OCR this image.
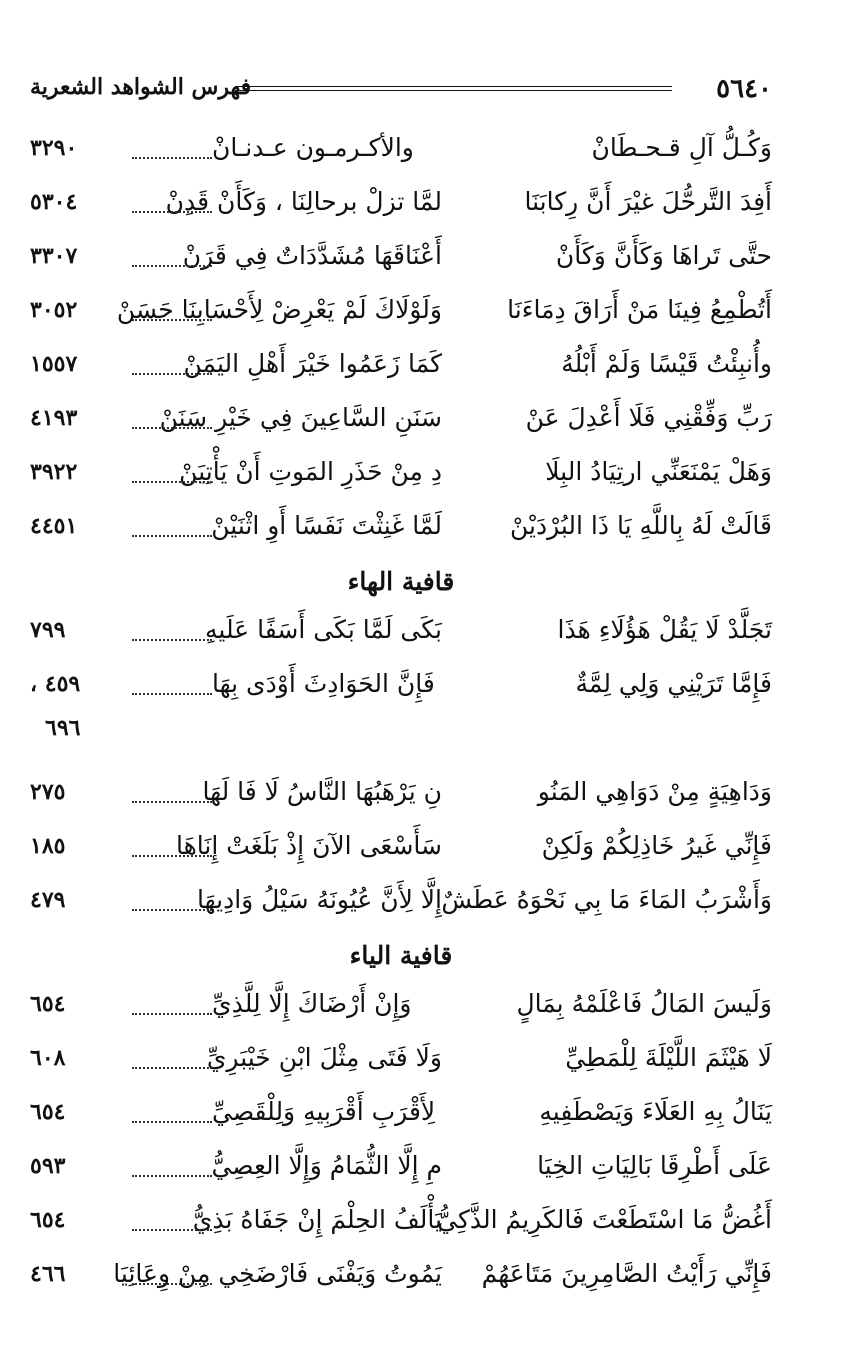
٥٦٤٠
فهرس الشواهد الشعرية
وَكُـلُّ آلِ قـحـطَانْ
والأكـرمـون عـدنـانْ
٣٢٩٠
أَفِدَ التَّرحُّلَ غيْرَ أَنَّ رِكابَنَا
لمَّا تزلْ برحالِنَا ، وَكَأَنْ قَدِنْ
٥٣٠٤
حتَّى تَراهَا وَكَأَنَّ وَكَأَنْ
أَعْنَاقَهَا مُشَدَّدَاتٌ فِي قَرَنْ
٣٣٠٧
أَتُطْمِعُ فِينَا مَنْ أَرَاقَ دِمَاءَنَا
وَلَوْلَاكَ لَمْ يَعْرِضْ لِأَحْسَابِنَا حَسَنْ
٣٠٥٢
وأُنبِئْتُ قَيْسًا وَلَمْ أَبْلُهُ
كَمَا زَعَمُوا خَيْرَ أَهْلِ اليَمَنْ
١٥٥٧
رَبِّ وَفِّقْنِي فَلَا أَعْدِلَ عَنْ
سَنَنِ السَّاعِينَ فِي خَيْرِ سَنَنْ
٤١٩٣
وَهَلْ يَمْنَعَنِّي ارتِيَادُ البِلَا
دِ مِنْ حَذَرِ المَوتِ أَنْ يَأْتِيَنْ
٣٩٢٢
قَالَتْ لَهُ بِاللَّهِ يَا ذَا البُرْدَيْنْ
لَمَّا غَنِثْتَ نَفَسًا أَوِ اثْنَيْنْ
٤٤٥١
قافية الهاء
تَجَلَّدْ لَا يَقُلْ هَؤُلَاءِ هَذَا
بَكَى لَمَّا بَكَى أَسَفًا عَلَيهِ
٧٩٩
فَإِمَّا تَرَيْنِي وَلِي لِمَّةٌ
فَإِنَّ الحَوَادِثَ أَوْدَى بِهَا
٤٥٩ ،
٦٩٦
وَدَاهِيَةٍ مِنْ دَوَاهِي المَنُو
نِ يَرْهَبُهَا النَّاسُ لَا فَا لَهَا
٢٧٥
فَإِنِّي غَيرُ خَاذِلِكُمْ وَلَكِنْ
سَأَسْعَى الآنَ إِذْ بَلَغَتْ إِنَاهَا
١٨٥
وَأَشْرَبُ المَاءَ مَا بِي نَحْوَهُ عَطَشٌ
إِلَّا لِأَنَّ عُيُونَهُ سَيْلُ وَادِيهَا
٤٧٩
قافية الياء
وَلَيسَ المَالُ فَاعْلَمْهُ بِمَالٍ
وَإِنْ أَرْضَاكَ إِلَّا لِلَّذِيِّ
٦٥٤
لَا هَيْثَمَ اللَّيْلَةَ لِلْمَطِيِّ
وَلَا فَتَى مِثْلَ ابْنِ خَيْبَرِيِّ
٦٠٨
يَنَالُ بِهِ العَلَاءَ وَيَصْطَفِيهِ
لِأَقْرَبِ أَقْرَبِيهِ وَلِلْقَصِيِّ
٦٥٤
عَلَى أَطْرِقَا بَالِيَاتِ الخِيَا
مِ إِلَّا الثُّمَامُ وَإِلَّا العِصِيُّ
٥٩٣
أَغُضُّ مَا اسْتَطَعْتَ فَالكَرِيمُ الذَّكِيُّ
يَأْلَفُ الحِلْمَ إِنْ جَفَاهُ بَذِيُّ
٦٥٤
فَإِنِّي رَأَيْتُ الصَّامِرِينَ مَتَاعَهُمْ
يَمُوتُ وَيَفْنَى فَارْضَخِي مِنْ وِعَائِيَا
٤٦٦
